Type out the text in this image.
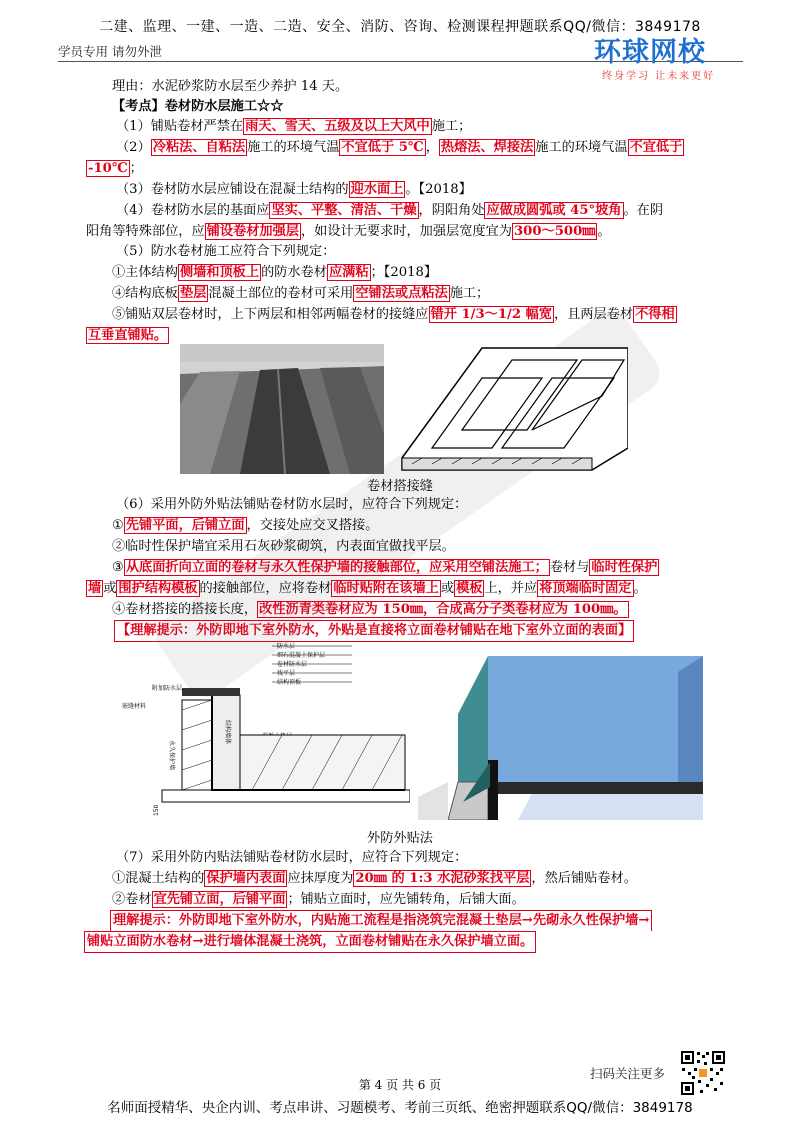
二建、监理、一建、一造、二造、安全、消防、咨询、检测课程押题联系QQ/微信：3849178
学员专用 请勿外泄	环球网校
终身学习 让未来更好
理由：水泥砂浆防水层至少养护 14 天。
【考点】卷材防水层施工☆☆
（1）铺贴卷材严禁在 雨天、雪天、五级及以上大风中 施工；
（2） 冷粘法、自粘法 施工的环境气温 不宜低于 5℃ ， 热熔法、焊接法 施工的环境气温 不宜低于
-10℃ ；
（3）卷材防水层应铺设在混凝土结构的 迎水面上 。【2018】
（4）卷材防水层的基面应 坚实、平整、清洁、干燥 ，阴阳角处 应做成圆弧或 45°坡角 。在阴
阳角等特殊部位，应 铺设卷材加强层 ，如设计无要求时，加强层宽度宜为 300～500㎜ 。
（5）防水卷材施工应符合下列规定：
①主体结构 侧墙和顶板上 的防水卷材 应满粘 ；【2018】
④结构底板 垫层 混凝土部位的卷材可采用 空铺法或点粘法 施工；
⑤铺贴双层卷材时，上下两层和相邻两幅卷材的接缝应 错开 1/3～1/2 幅宽 ，且两层卷材 不得相
互垂直铺贴。
卷材搭接缝
（6）采用外防外贴法铺贴卷材防水层时，应符合下列规定：
① 先铺平面，后铺立面 ，交接处应交叉搭接。
②临时性保护墙宜采用石灰砂浆砌筑，内表面宜做找平层。
③ 从底面折向立面的卷材与永久性保护墙的接触部位，应采用空铺法施工； 卷材与 临时性保护
墙 或 围护结构模板 的接触部位，应将卷材 临时贴附在该墙上 或 模板 上，并应 将顶端临时固定 。
④卷材搭接的搭接长度， 改性沥青类卷材应为 150㎜，合成高分子类卷材应为 100㎜。
【理解提示：外防即地下室外防水，外贴是直接将立面卷材铺贴在地下室外立面的表面】
防水层
细石混凝土保护层
卷材防水层
找平层
结构顶板
附加防水层
嵌缝材料
永久保护墙
结构墙体
150
外防外贴法
（7）采用外防内贴法铺贴卷材防水层时，应符合下列规定：
①混凝土结构的 保护墙内表面 应抹厚度为 20㎜ 的 1:3 水泥砂浆找平层 ，然后铺贴卷材。
②卷材 宜先铺立面，后铺平面 ；铺贴立面时，应先铺转角，后铺大面。
理解提示：外防即地下室外防水，内贴施工流程是指浇筑完混凝土垫层→先砌永久性保护墙→
铺贴立面防水卷材→进行墙体混凝土浇筑，立面卷材铺贴在永久保护墙立面。
扫码关注更多
第 4 页 共 6 页
名师面授精华、央企内训、考点串讲、习题模考、考前三页纸、绝密押题联系QQ/微信：3849178
